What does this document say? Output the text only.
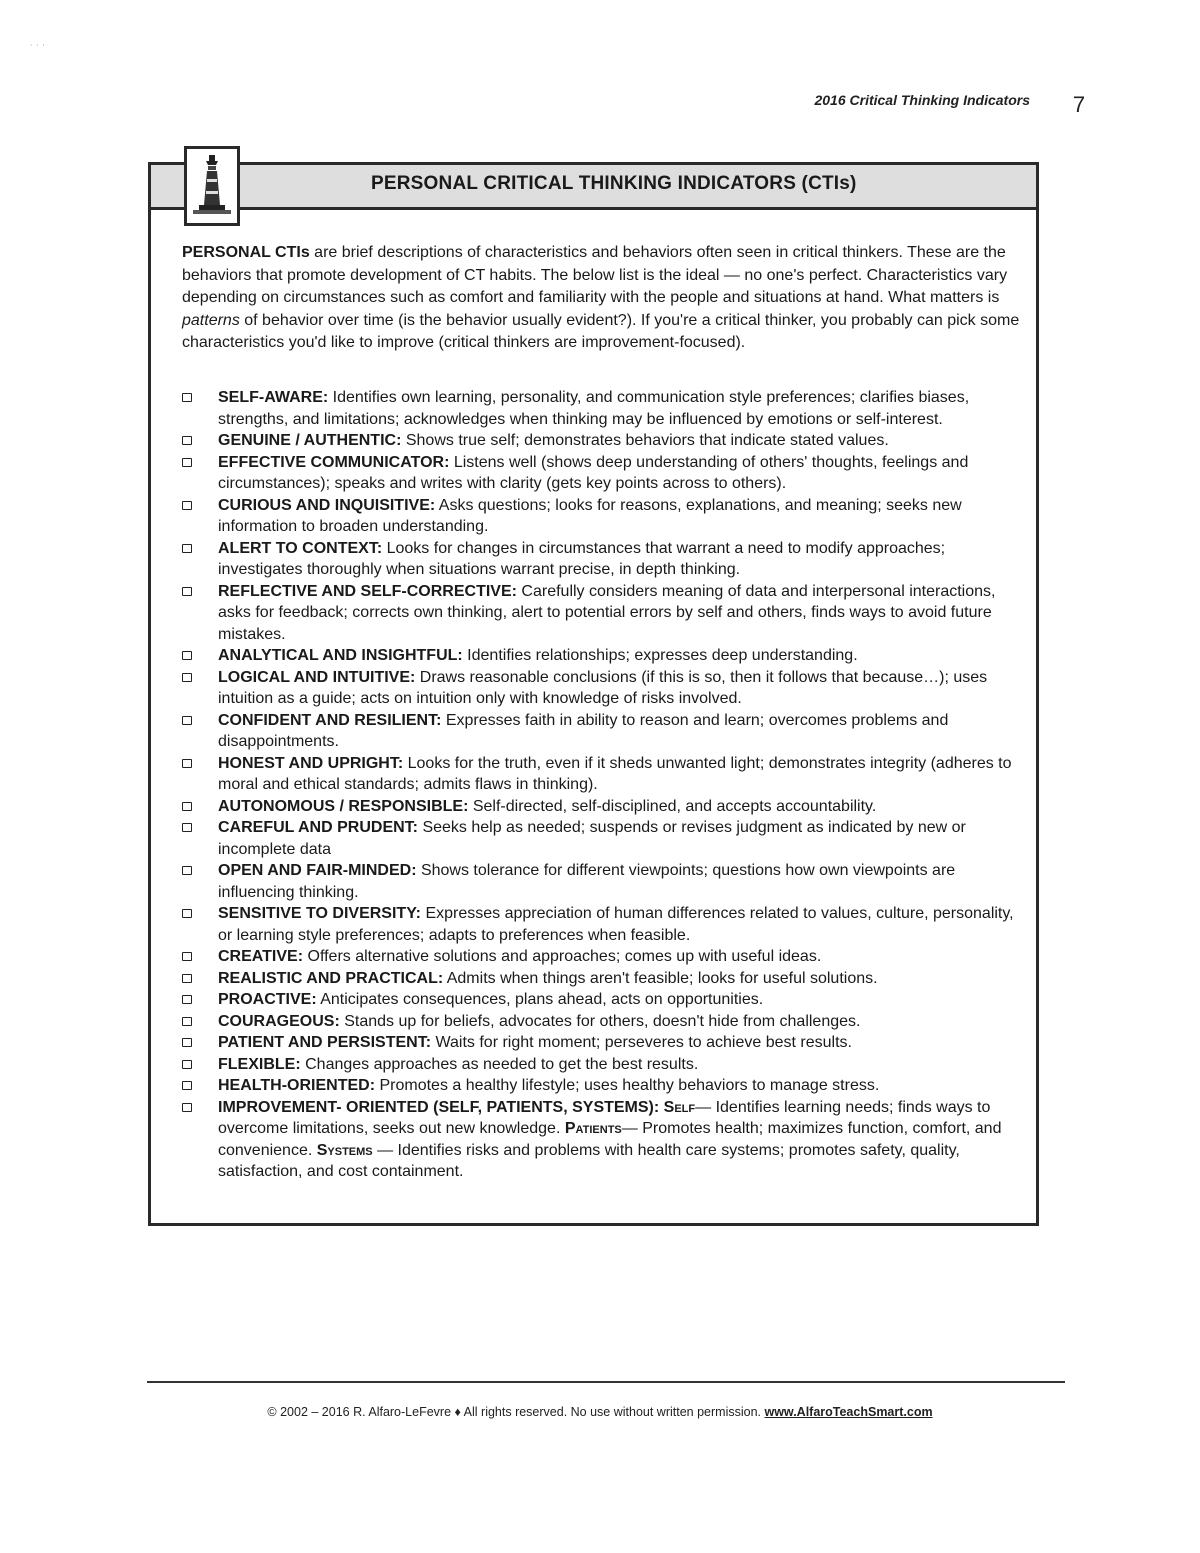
˙ ˙ ˙
2016 Critical Thinking Indicators	7
PERSONAL CRITICAL THINKING INDICATORS (CTIs)
PERSONAL CTIs are brief descriptions of characteristics and behaviors often seen in critical thinkers. These are the behaviors that promote development of CT habits. The below list is the ideal — no one's perfect. Characteristics vary depending on circumstances such as comfort and familiarity with the people and situations at hand. What matters is patterns of behavior over time (is the behavior usually evident?). If you're a critical thinker, you probably can pick some characteristics you'd like to improve (critical thinkers are improvement-focused).
SELF-AWARE: Identifies own learning, personality, and communication style preferences; clarifies biases, strengths, and limitations; acknowledges when thinking may be influenced by emotions or self-interest.
GENUINE / AUTHENTIC: Shows true self; demonstrates behaviors that indicate stated values.
EFFECTIVE COMMUNICATOR: Listens well (shows deep understanding of others' thoughts, feelings and circumstances); speaks and writes with clarity (gets key points across to others).
CURIOUS AND INQUISITIVE: Asks questions; looks for reasons, explanations, and meaning; seeks new information to broaden understanding.
ALERT TO CONTEXT: Looks for changes in circumstances that warrant a need to modify approaches; investigates thoroughly when situations warrant precise, in depth thinking.
REFLECTIVE AND SELF-CORRECTIVE: Carefully considers meaning of data and interpersonal interactions, asks for feedback; corrects own thinking, alert to potential errors by self and others, finds ways to avoid future mistakes.
ANALYTICAL AND INSIGHTFUL: Identifies relationships; expresses deep understanding.
LOGICAL AND INTUITIVE: Draws reasonable conclusions (if this is so, then it follows that because…); uses intuition as a guide; acts on intuition only with knowledge of risks involved.
CONFIDENT AND RESILIENT: Expresses faith in ability to reason and learn; overcomes problems and disappointments.
HONEST AND UPRIGHT: Looks for the truth, even if it sheds unwanted light; demonstrates integrity (adheres to moral and ethical standards; admits flaws in thinking).
AUTONOMOUS / RESPONSIBLE: Self-directed, self-disciplined, and accepts accountability.
CAREFUL AND PRUDENT: Seeks help as needed; suspends or revises judgment as indicated by new or incomplete data
OPEN AND FAIR-MINDED: Shows tolerance for different viewpoints; questions how own viewpoints are influencing thinking.
SENSITIVE TO DIVERSITY: Expresses appreciation of human differences related to values, culture, personality, or learning style preferences; adapts to preferences when feasible.
CREATIVE: Offers alternative solutions and approaches; comes up with useful ideas.
REALISTIC AND PRACTICAL: Admits when things aren't feasible; looks for useful solutions.
PROACTIVE: Anticipates consequences, plans ahead, acts on opportunities.
COURAGEOUS: Stands up for beliefs, advocates for others, doesn't hide from challenges.
PATIENT AND PERSISTENT: Waits for right moment; perseveres to achieve best results.
FLEXIBLE: Changes approaches as needed to get the best results.
HEALTH-ORIENTED: Promotes a healthy lifestyle; uses healthy behaviors to manage stress.
IMPROVEMENT- ORIENTED (SELF, PATIENTS, SYSTEMS): Self— Identifies learning needs; finds ways to overcome limitations, seeks out new knowledge. Patients— Promotes health; maximizes function, comfort, and convenience. Systems — Identifies risks and problems with health care systems; promotes safety, quality, satisfaction, and cost containment.
© 2002 – 2016 R. Alfaro-LeFevre ♦ All rights reserved. No use without written permission. www.AlfaroTeachSmart.com
